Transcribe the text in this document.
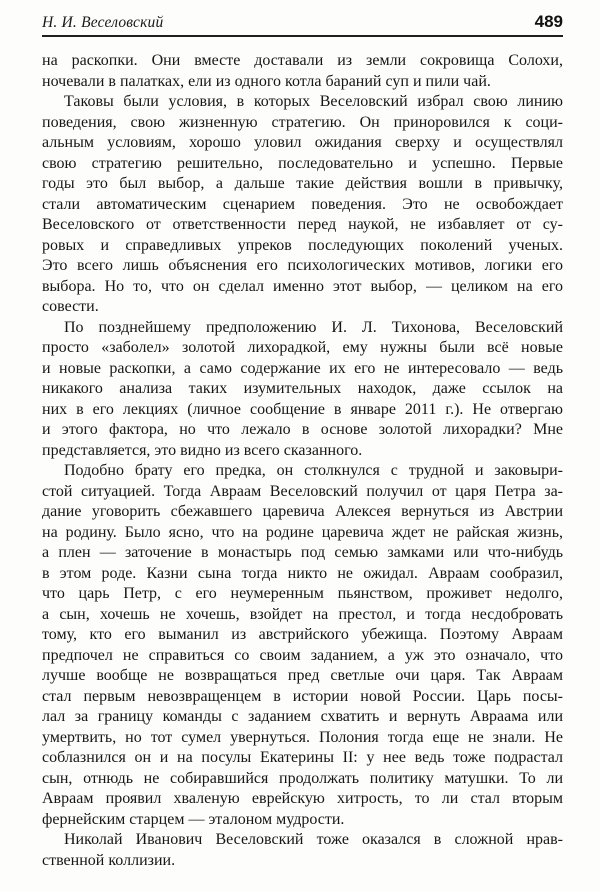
Н. И. Веселовский	489
на раскопки. Они вместе доставали из земли сокровища Солохи,
ночевали в палатках, ели из одного котла бараний суп и пили чай.
Таковы были условия, в которых Веселовский избрал свою линию
поведения, свою жизненную стратегию. Он приноровился к соци-
альным условиям, хорошо уловил ожидания сверху и осуществлял
свою стратегию решительно, последовательно и успешно. Первые
годы это был выбор, а дальше такие действия вошли в привычку,
стали автоматическим сценарием поведения. Это не освобождает
Веселовского от ответственности перед наукой, не избавляет от су-
ровых и справедливых упреков последующих поколений ученых.
Это всего лишь объяснения его психологических мотивов, логики его
выбора. Но то, что он сделал именно этот выбор, — целиком на его
совести.
По позднейшему предположению И. Л. Тихонова, Веселовский
просто «заболел» золотой лихорадкой, ему нужны были всё новые
и новые раскопки, а само содержание их его не интересовало — ведь
никакого анализа таких изумительных находок, даже ссылок на
них в его лекциях (личное сообщение в январе 2011 г.). Не отвергаю
и этого фактора, но что лежало в основе золотой лихорадки? Мне
представляется, это видно из всего сказанного.
Подобно брату его предка, он столкнулся с трудной и заковыри-
стой ситуацией. Тогда Авраам Веселовский получил от царя Петра за-
дание уговорить сбежавшего царевича Алексея вернуться из Австрии
на родину. Было ясно, что на родине царевича ждет не райская жизнь,
а плен — заточение в монастырь под семью замками или что-нибудь
в этом роде. Казни сына тогда никто не ожидал. Авраам сообразил,
что царь Петр, с его неумеренным пьянством, проживет недолго,
а сын, хочешь не хочешь, взойдет на престол, и тогда несдобровать
тому, кто его выманил из австрийского убежища. Поэтому Авраам
предпочел не справиться со своим заданием, а уж это означало, что
лучше вообще не возвращаться пред светлые очи царя. Так Авраам
стал первым невозвращенцем в истории новой России. Царь посы-
лал за границу команды с заданием схватить и вернуть Авраама или
умертвить, но тот сумел увернуться. Полония тогда еще не знали. Не
соблазнился он и на посулы Екатерины II: у нее ведь тоже подрастал
сын, отнюдь не собиравшийся продолжать политику матушки. То ли
Авраам проявил хваленую еврейскую хитрость, то ли стал вторым
фернейским старцем — эталоном мудрости.
Николай Иванович Веселовский тоже оказался в сложной нрав-
ственной коллизии.
